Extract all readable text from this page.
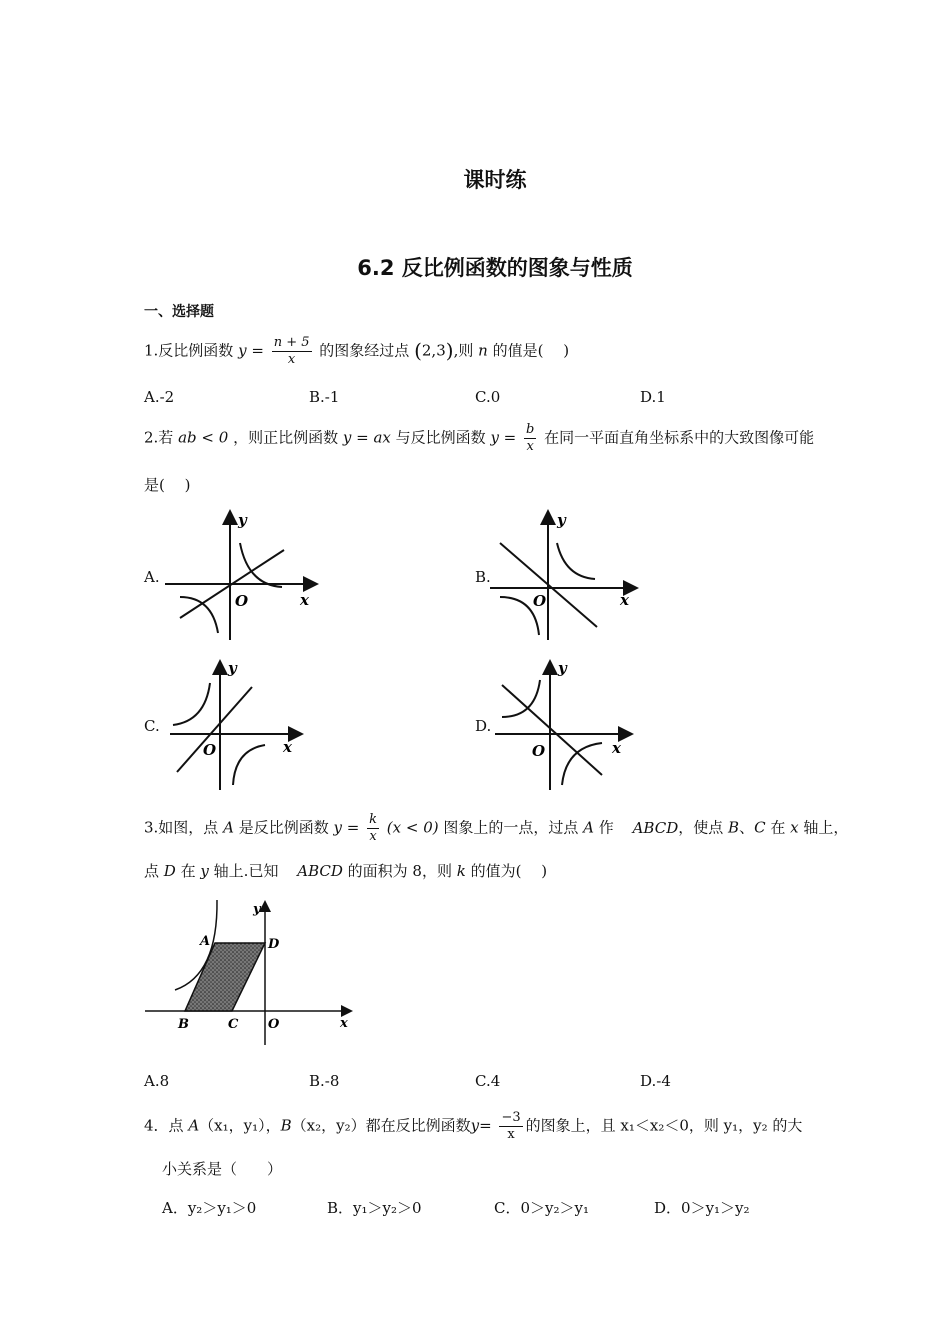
课时练
6.2 反比例函数的图象与性质
一、选择题
1.反比例函数 $y = \frac{n + 5}{x}$ 的图象经过点 (2,3),则 n 的值是(　 )
A.-2	B.-1	C.0	D.1
2.若 ab < 0 ，则正比例函数 y = ax 与反比例函数 $y = \frac{b}{x}$ 在同一平面直角坐标系中的大致图像可能
是(　 )
A.	B.
C.	D.
y
x
O
y
x
O
y
x
O
y
x
O
3.如图，点 A 是反比例函数 $y = \frac{k}{x} (x < 0)$ 图象上的一点，过点 A 作 ABCD，使点 B、C 在 x 轴上，
点 D 在 y 轴上.已知 ABCD 的面积为 8，则 k 的值为(　 )
A	D
B	C O	x
y
A.8	B.-8	C.4	D.-4
4．点 A（x₁，y₁），B（x₂，y₂）都在反比例函数$y= \frac{-3}{x}$ 的图象上，且 x₁＜x₂＜0，则 y₁，y₂ 的大
小关系是（　　）
A．y₂＞y₁＞0	B．y₁＞y₂＞0	C．0＞y₂＞y₁	D．0＞y₁＞y₂
